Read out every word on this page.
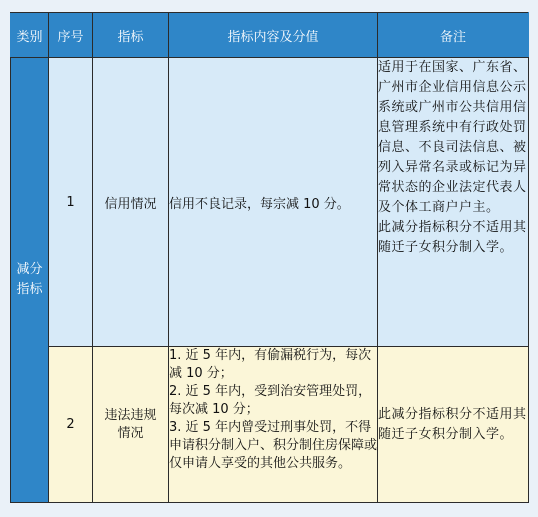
类别	序号	指标	指标内容及分值	备注
减分指标	1	信用情况	信用不良记录，每宗减 10 分。	适用于在国家、广东省、广州市企业信用信息公示系统或广州市公共信用信息管理系统中有行政处罚信息、不良司法信息、被列入异常名录或标记为异常状态的企业法定代表人及个体工商户户主。
此减分指标积分不适用其随迁子女积分制入学。

	2	违法违规情况	1. 近 5 年内，有偷漏税行为，每次减 10 分；
2. 近 5 年内，受到治安管理处罚，每次减 10 分；
3. 近 5 年内曾受过刑事处罚，不得申请积分制入户、积分制住房保障或仅申请人享受的其他公共服务。	此减分指标积分不适用其随迁子女积分制入学。
